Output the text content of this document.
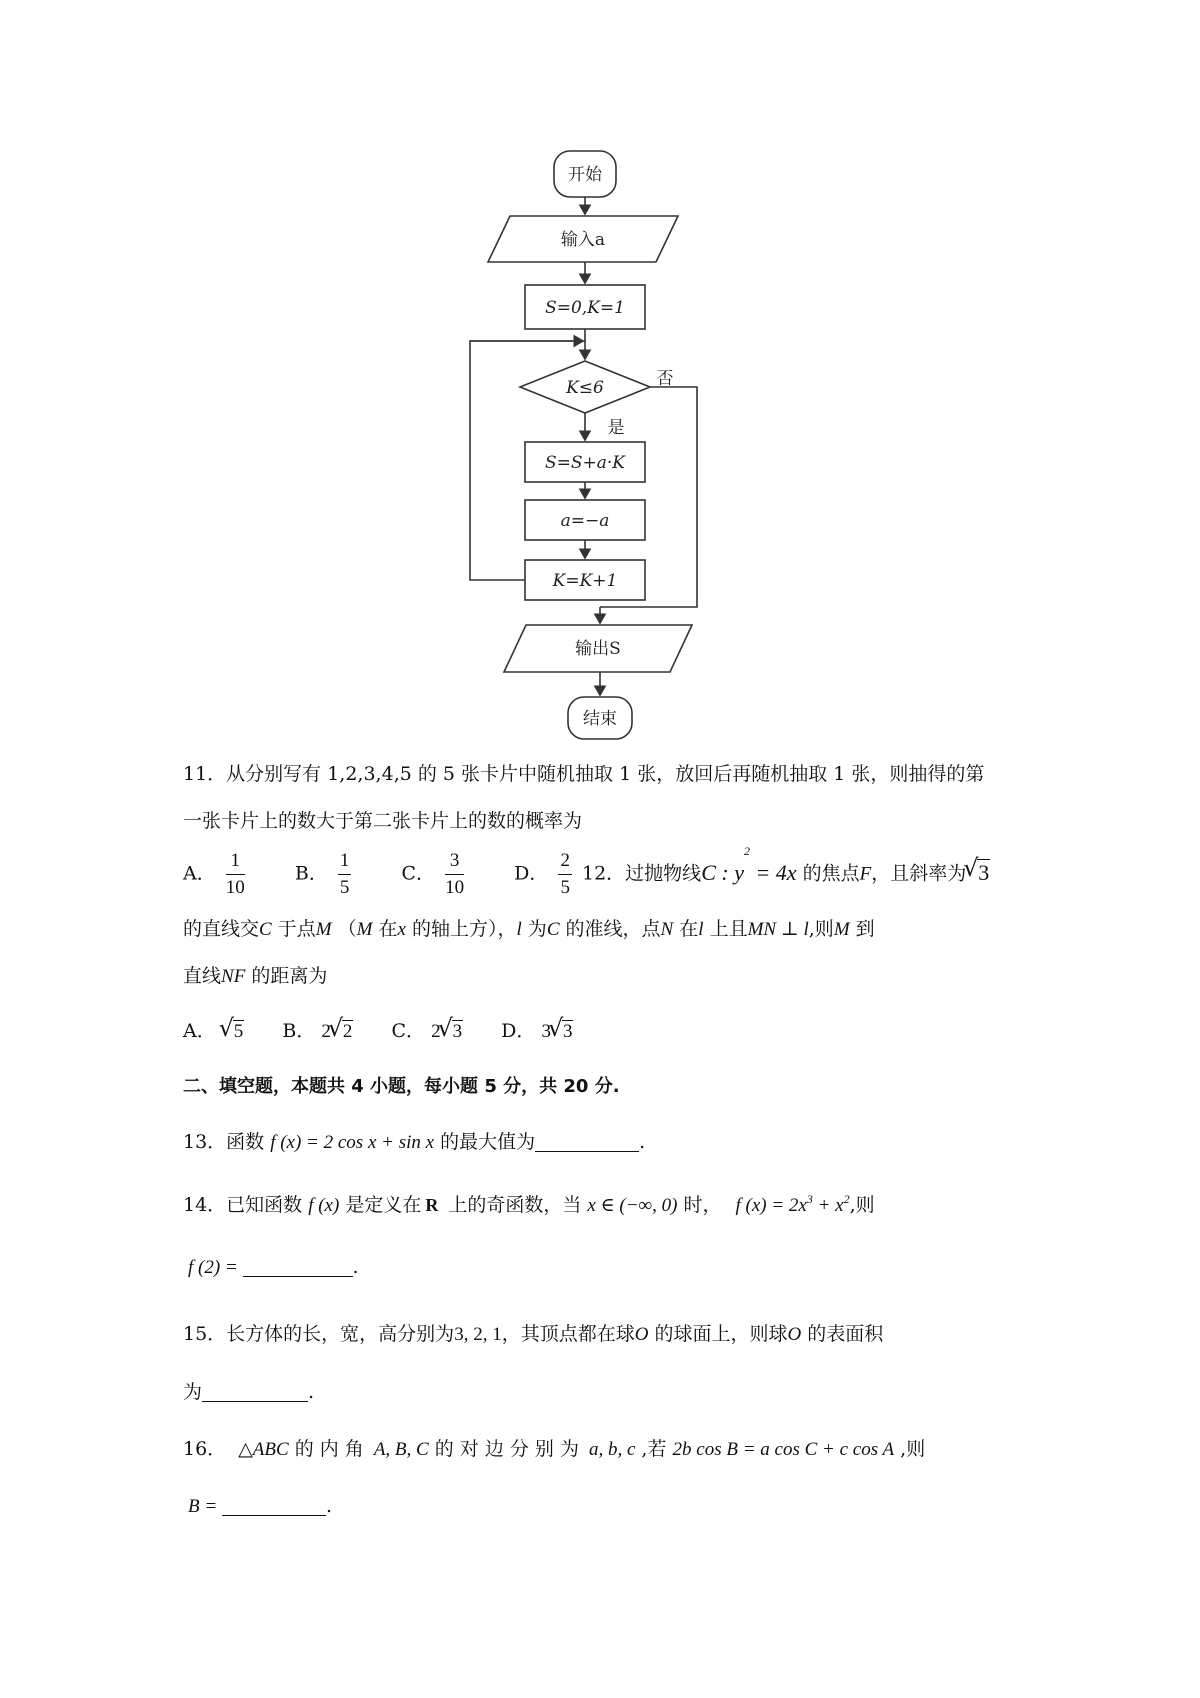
开始
输入a
S=0,K=1
K≤6	否
是
S=S+a·K
a=−a
K=K+1
输出S
结束
11．从分别写有 1,2,3,4,5 的 5 张卡片中随机抽取 1 张，放回后再随机抽取 1 张，则抽得的第
一张卡片上的数大于第二张卡片上的数的概率为
A． $\frac{1}{10}$	B． $\frac{1}{5}$	C． $\frac{3}{10}$	D． $\frac{2}{5} 12$．过抛物线C : $y^2 = 4x$ 的焦点F，且斜率为 √ 3
的直线交C 于点M （M 在x 的轴上方），l 为C 的准线，点N 在l 上且MN ⊥ l,则M 到
直线NF 的距离为
A． √ 5 B． 2 √ 2 C． 2 √ 3 D． 3 √ 3
二、填空题，本题共 4 小题，每小题 5 分，共 20 分.
13．函数 f (x) = 2 cos x + sin x 的最大值为	.
14．已知函数 f (x) 是定义在 R 上的奇函数，当 x ∈ (−∞, 0) 时， f $(x) = 2x^3 + x^2$,则
f (2) =	.
15．长方体的长，宽，高分别为3, 2, 1，其顶点都在球O 的球面上，则球O 的表面积
为	.
16． △ABC 的 内 角 A, B, C 的 对 边 分 别 为 a, b, c ,若 2b cos B = a cos C + c cos A ,则
B =	.
